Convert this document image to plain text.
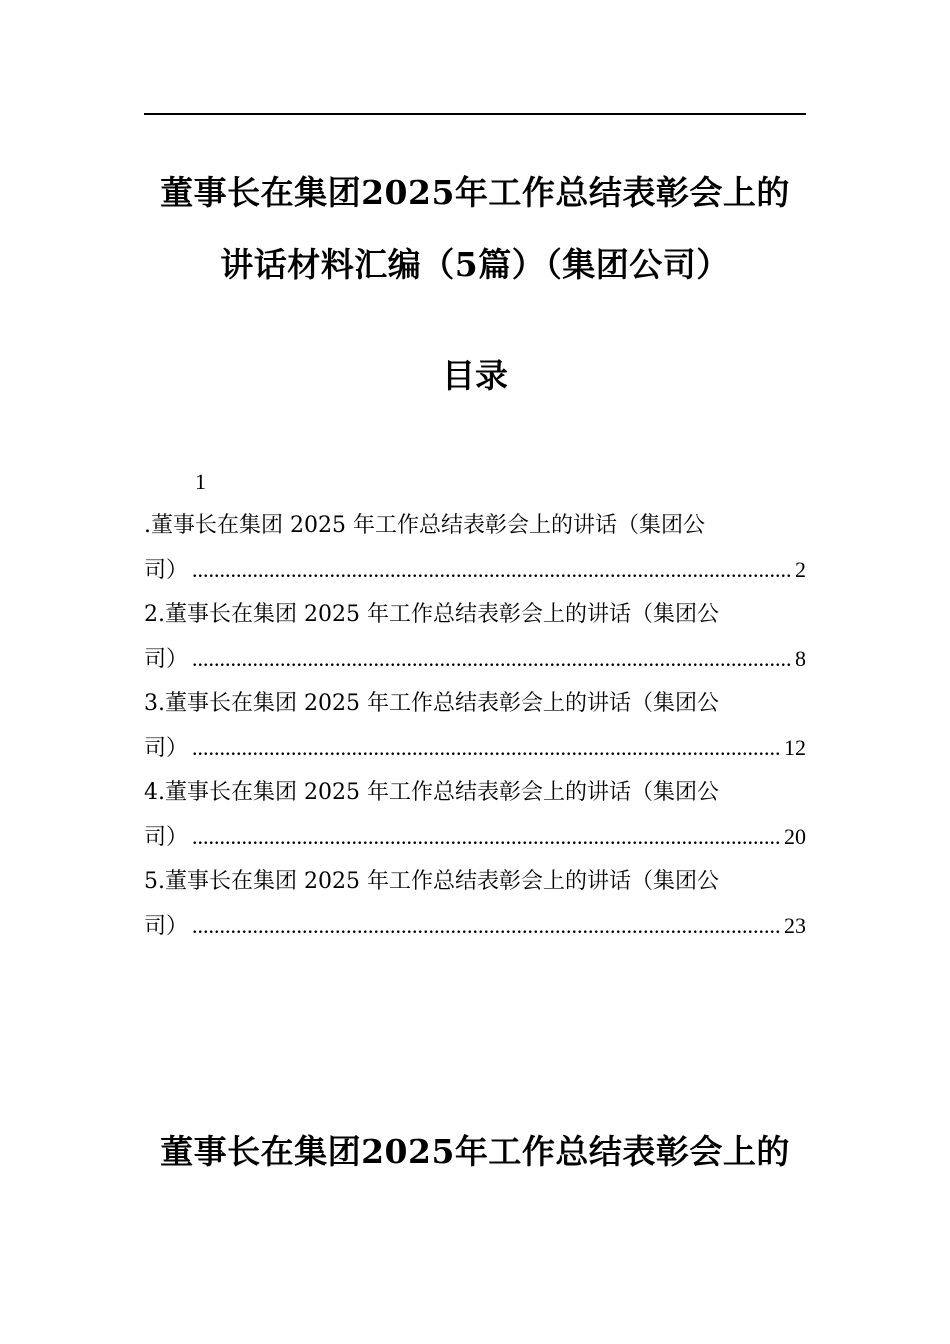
董事长在集团2025年工作总结表彰会上的
讲话材料汇编（5篇）（集团公司）
目录
1
.董事长在集团 2025 年工作总结表彰会上的讲话（集团公
司） .....	2
2.董事长在集团 2025 年工作总结表彰会上的讲话（集团公
司） .....	8
3.董事长在集团 2025 年工作总结表彰会上的讲话（集团公
司） .....	12
4.董事长在集团 2025 年工作总结表彰会上的讲话（集团公
司） .....	20
5.董事长在集团 2025 年工作总结表彰会上的讲话（集团公
司） .....	23
董事长在集团2025年工作总结表彰会上的
